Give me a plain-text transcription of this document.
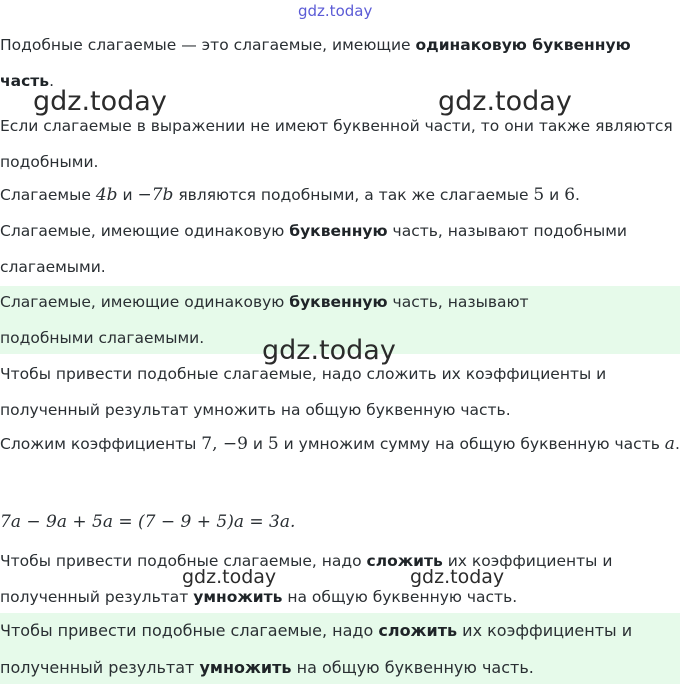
gdz.today

Подобные слагаемые — это слагаемые, имеющие одинаковую буквенную часть.

gdz.today	gdz.today

Если слагаемые в выражении не имеют буквенной части, то они также являются подобными.

Слагаемые 4b и −7b являются подобными, а так же слагаемые 5 и 6.

Слагаемые, имеющие одинаковую буквенную часть, называют подобными слагаемыми.

Слагаемые, имеющие одинаковую буквенную часть, называют подобными слагаемыми.	gdz.today

Чтобы привести подобные слагаемые, надо сложить их коэффициенты и полученный результат умножить на общую буквенную часть.

Сложим коэффициенты 7, −9 и 5 и умножим сумму на общую буквенную часть a.

7a − 9a + 5a = (7 − 9 + 5)a = 3a.

Чтобы привести подобные слагаемые, надо сложить их коэффициенты и полученный результат умножить на общую буквенную часть.

gdz.today	gdz.today

Чтобы привести подобные слагаемые, надо сложить их коэффициенты и полученный результат умножить на общую буквенную часть.
